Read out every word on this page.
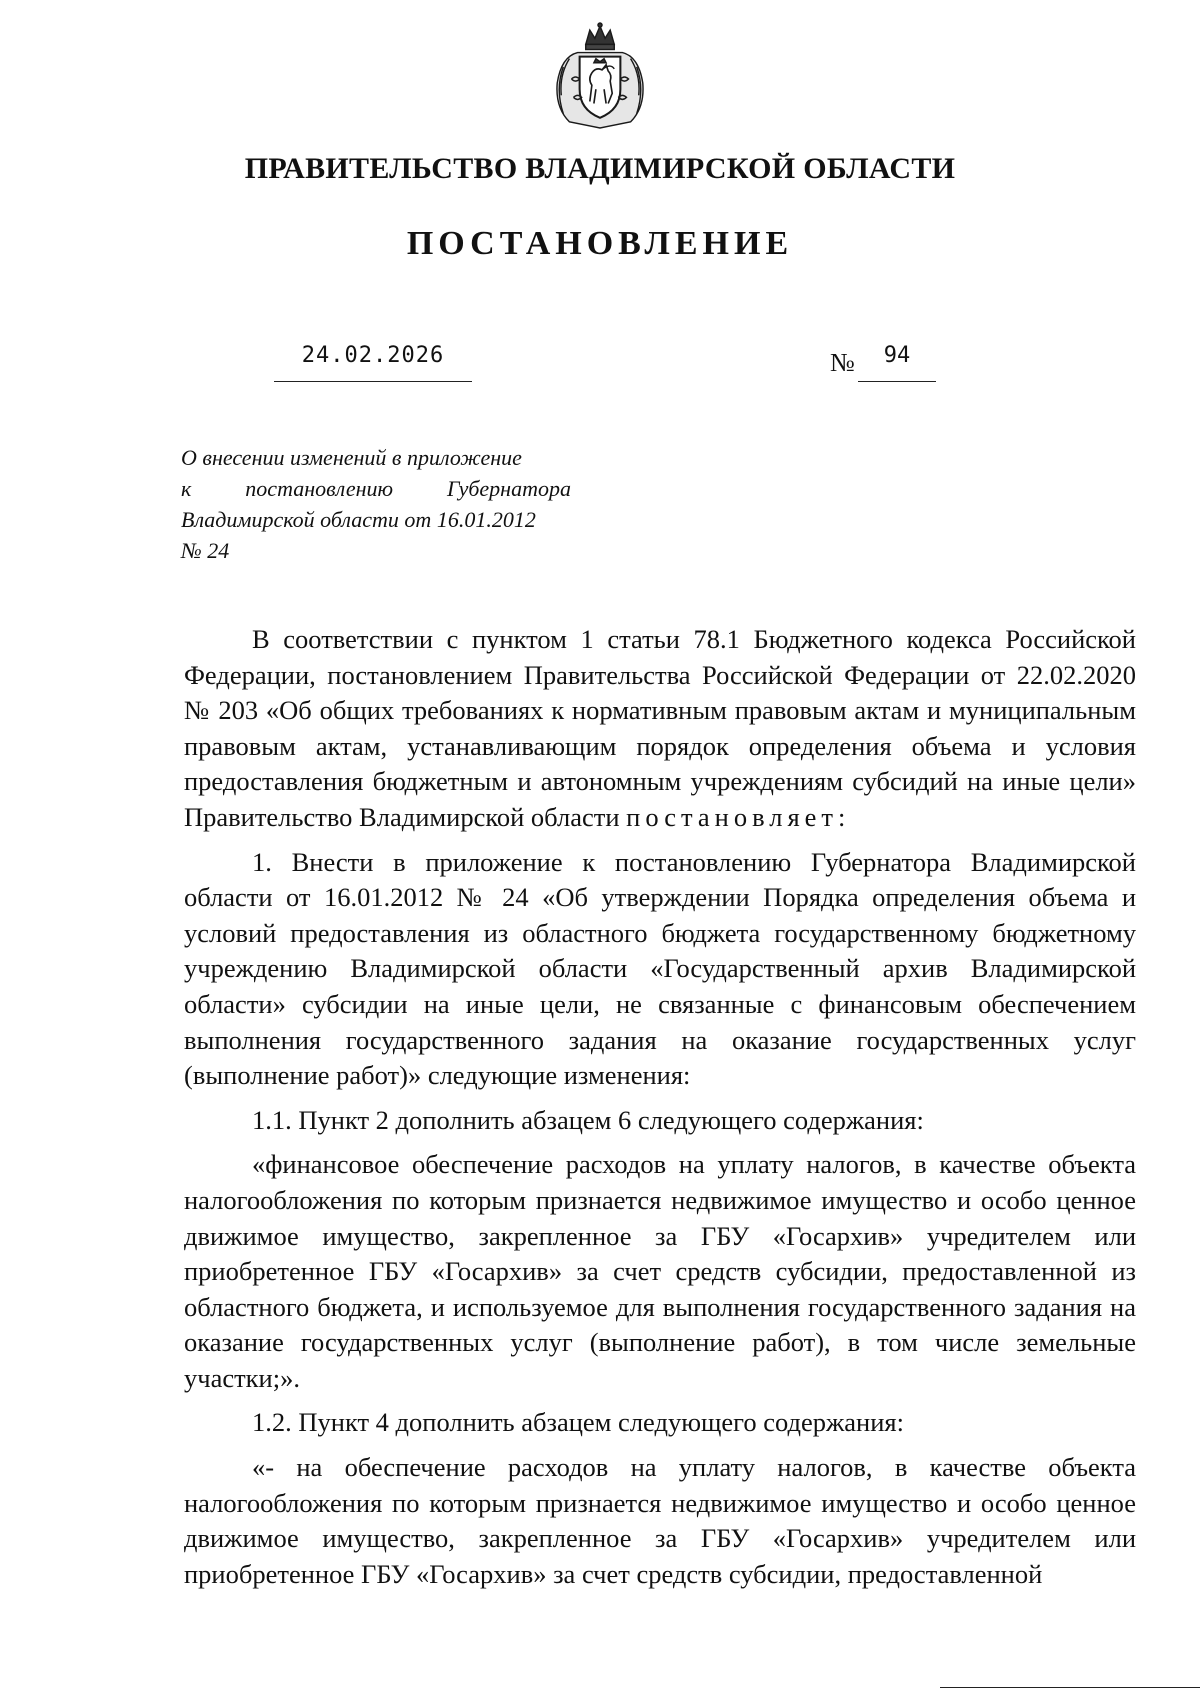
ПРАВИТЕЛЬСТВО ВЛАДИМИРСКОЙ ОБЛАСТИ
ПОСТАНОВЛЕНИЕ
24.02.2026	№	94
О внесении изменений в приложение
к постановлению Губернатора
Владимирской области от 16.01.2012
№ 24

В соответствии с пунктом 1 статьи 78.1 Бюджетного кодекса Российской Федерации, постановлением Правительства Российской Федерации от 22.02.2020 № 203 «Об общих требованиях к нормативным правовым актам и муниципальным правовым актам, устанавливающим порядок определения объема и условия предоставления бюджетным и автономным учреждениям субсидий на иные цели» Правительство Владимирской области постановляет:

1. Внести в приложение к постановлению Губернатора Владимирской области от 16.01.2012 № 24 «Об утверждении Порядка определения объема и условий предоставления из областного бюджета государственному бюджетному учреждению Владимирской области «Государственный архив Владимирской области» субсидии на иные цели, не связанные с финансовым обеспечением выполнения государственного задания на оказание государственных услуг (выполнение работ)» следующие изменения:

1.1. Пункт 2 дополнить абзацем 6 следующего содержания:

«финансовое обеспечение расходов на уплату налогов, в качестве объекта налогообложения по которым признается недвижимое имущество и особо ценное движимое имущество, закрепленное за ГБУ «Госархив» учредителем или приобретенное ГБУ «Госархив» за счет средств субсидии, предоставленной из областного бюджета, и используемое для выполнения государственного задания на оказание государственных услуг (выполнение работ), в том числе земельные участки;».

1.2. Пункт 4 дополнить абзацем следующего содержания:

«- на обеспечение расходов на уплату налогов, в качестве объекта налогообложения по которым признается недвижимое имущество и особо ценное движимое имущество, закрепленное за ГБУ «Госархив» учредителем или приобретенное ГБУ «Госархив» за счет средств субсидии, предоставленной
